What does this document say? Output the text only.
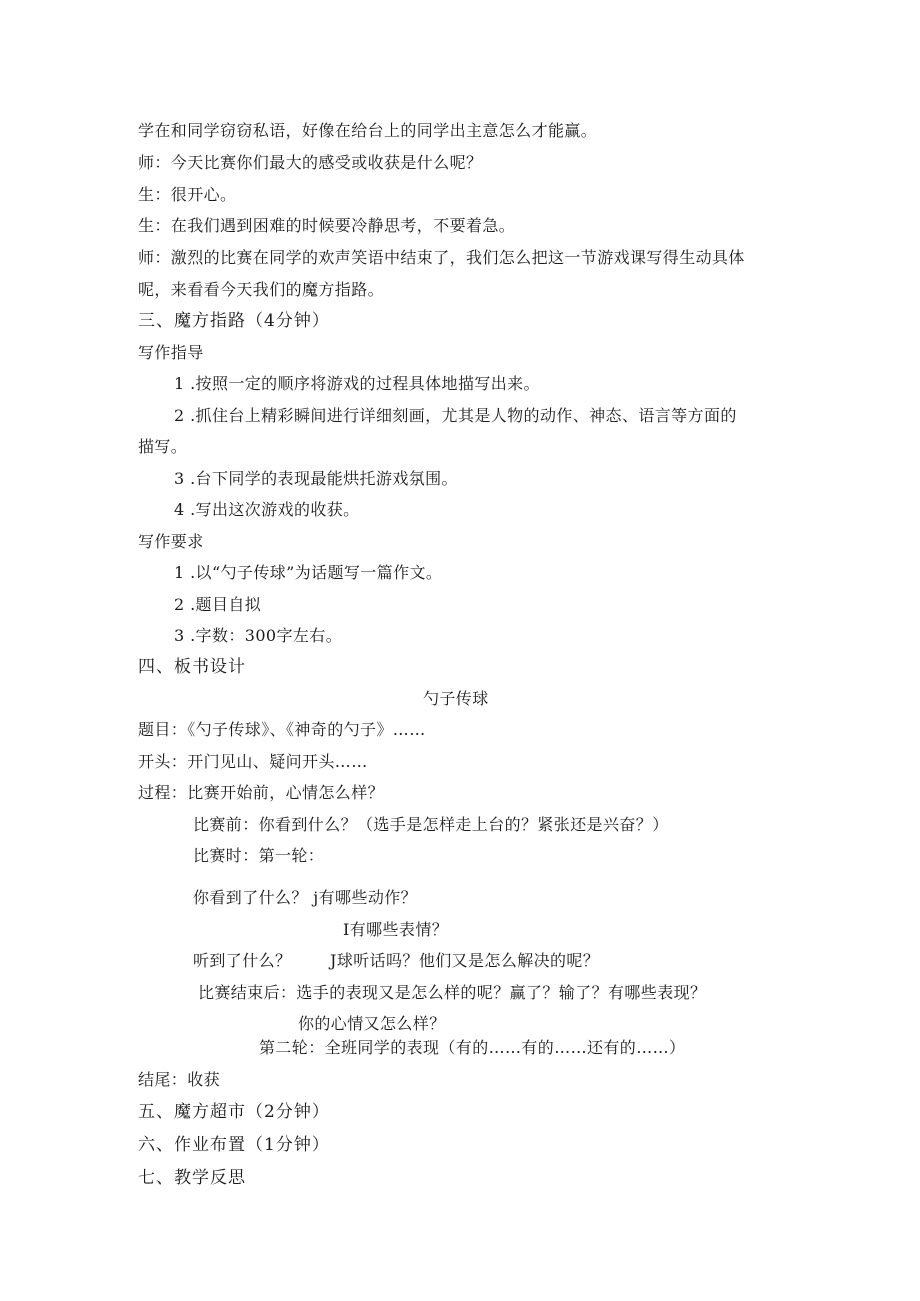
学在和同学窃窃私语，好像在给台上的同学出主意怎么才能赢。
师：今天比赛你们最大的感受或收获是什么呢？
生：很开心。
生：在我们遇到困难的时候要冷静思考，不要着急。
师：激烈的比赛在同学的欢声笑语中结束了，我们怎么把这一节游戏课写得生动具体
呢，来看看今天我们的魔方指路。
三、魔方指路（4分钟）
写作指导
1 .按照一定的顺序将游戏的过程具体地描写出来。
2 .抓住台上精彩瞬间进行详细刻画，尤其是人物的动作、神态、语言等方面的
描写。
3 .台下同学的表现最能烘托游戏氛围。
4 .写出这次游戏的收获。
写作要求
1 .以“勺子传球”为话题写一篇作文。
2 .题目自拟
3 .字数：300字左右。
四、板书设计
勺子传球
题目：《勺子传球》、《神奇的勺子》……
开头：开门见山、疑问开头……
过程：比赛开始前，心情怎么样？
比赛前：你看到什么？（选手是怎样走上台的？紧张还是兴奋？）
比赛时：第一轮：
你看到了什么？ j有哪些动作？
I有哪些表情？
听到了什么？ J球听话吗？他们又是怎么解决的呢？
比赛结束后：选手的表现又是怎么样的呢？赢了？输了？有哪些表现？
你的心情又怎么样？
第二轮：全班同学的表现（有的……有的……还有的……）
结尾：收获
五、魔方超市（2分钟）
六、作业布置（1分钟）
七、教学反思
